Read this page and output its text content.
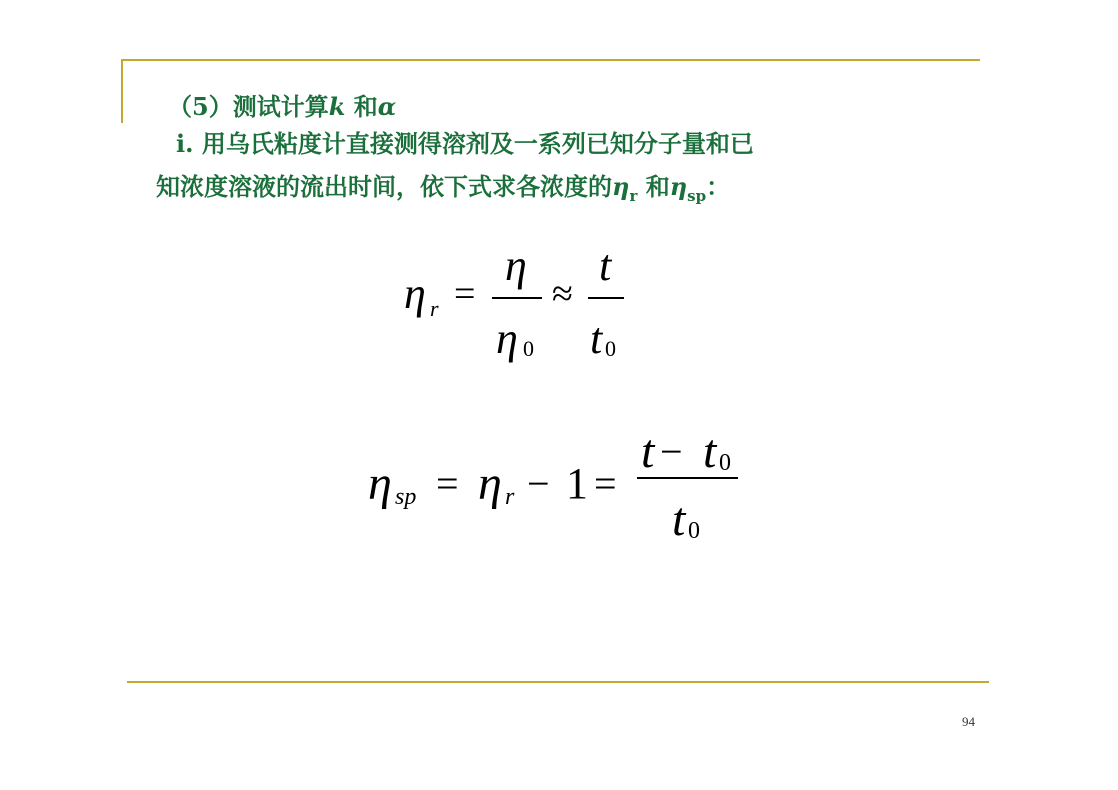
（5）测试计算k 和α
i. 用乌氏粘度计直接测得溶剂及一系列已知分子量和已
知浓度溶液的流出时间，依下式求各浓度的$\eta_r$ 和$\eta_{sp}$：
η r =
η
η 0
≈
t
t 0
η sp = η r − 1 =
t − t 0
t 0
94
